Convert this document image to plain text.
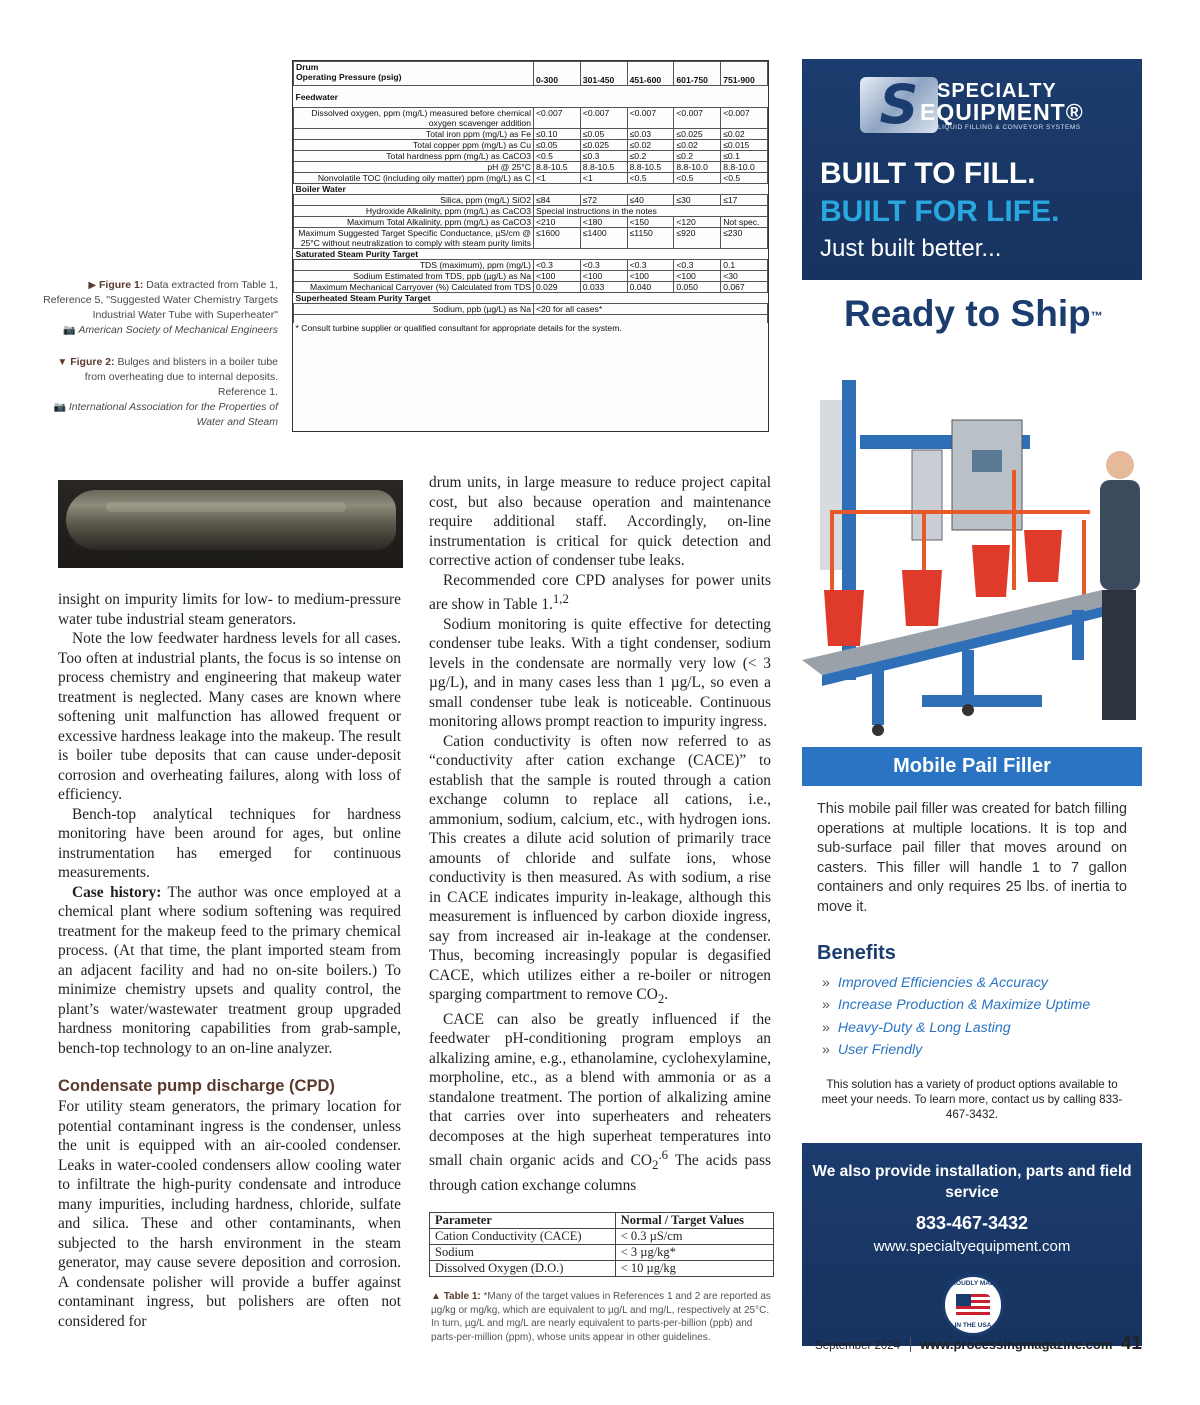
▶ Figure 1: Data extracted from Table 1, Reference 5, "Suggested Water Chemistry Targets Industrial Water Tube with Superheater"
📷 American Society of Mechanical Engineers
▼ Figure 2: Bulges and blisters in a boiler tube from overheating due to internal deposits. Reference 1.
📷 International Association for the Properties of Water and Steam
Drum
Operating Pressure (psig)	0-300	301-450	451-600	601-750	751-900
Feedwater					
Dissolved oxygen, ppm (mg/L) measured before chemical oxygen scavenger addition	<0.007	<0.007	<0.007	<0.007	<0.007
Total iron ppm (mg/L) as Fe	≤0.10	≤0.05	≤0.03	≤0.025	≤0.02
Total copper ppm (mg/L) as Cu	≤0.05	≤0.025	≤0.02	≤0.02	≤0.015
Total hardness ppm (mg/L) as CaCO3	<0.5	≤0.3	≤0.2	≤0.2	≤0.1
pH @ 25°C	8.8-10.5	8.8-10.5	8.8-10.5	8.8-10.0	8.8-10.0
Nonvolatile TOC (including oily matter) ppm (mg/L) as C	<1	<1	<0.5	<0.5	<0.5
Boiler Water					
Silica, ppm (mg/L) SiO2	≤84	≤72	≤40	≤30	≤17
Hydroxide Alkalinity, ppm (mg/L) as CaCO3	Special instructions in the notes				
Maximum Total Alkalinity, ppm (mg/L) as CaCO3	<210	<180	<150	<120	Not spec.
Maximum Suggested Target Specific Conductance, µS/cm @ 25°C without neutralization to comply with steam purity limits	≤1600	≤1400	≤1150	≤920	≤230
Saturated Steam Purity Target					
TDS (maximum), ppm (mg/L)	<0.3	<0.3	<0.3	<0.3	0.1
Sodium Estimated from TDS, ppb (µg/L) as Na	<100	<100	<100	<100	<30
Maximum Mechanical Carryover (%) Calculated from TDS	0.029	0.033	0.040	0.050	0.067
Superheated Steam Purity Target					
Sodium, ppb (µg/L) as Na	<20 for all cases*				

* Consult turbine supplier or qualified consultant for appropriate details for the system.					

insight on impurity limits for low- to medium-pressure water tube industrial steam generators.

Note the low feedwater hardness levels for all cases. Too often at industrial plants, the focus is so intense on process chemistry and engineering that makeup water treatment is neglected. Many cases are known where softening unit malfunction has allowed frequent or excessive hardness leakage into the makeup. The result is boiler tube deposits that can cause under-deposit corrosion and overheating failures, along with loss of efficiency.

Bench-top analytical techniques for hardness monitoring have been around for ages, but online instrumentation has emerged for continuous measurements.

Case history: The author was once employed at a chemical plant where sodium softening was required treatment for the makeup feed to the primary chemical process. (At that time, the plant imported steam from an adjacent facility and had no on-site boilers.) To minimize chemistry upsets and quality control, the plant’s water/wastewater treatment group upgraded hardness monitoring capabilities from grab-sample, bench-top technology to an on-line analyzer.

Condensate pump discharge (CPD)

For utility steam generators, the primary location for potential contaminant ingress is the condenser, unless the unit is equipped with an air-cooled condenser. Leaks in water-cooled condensers allow cooling water to infiltrate the high-purity condensate and introduce many impurities, including hardness, chloride, sulfate and silica. These and other contaminants, when subjected to the harsh environment in the steam generator, may cause severe deposition and corrosion. A condensate polisher will provide a buffer against contaminant ingress, but polishers are often not considered for

drum units, in large measure to reduce project capital cost, but also because operation and maintenance require additional staff. Accordingly, on-line instrumentation is critical for quick detection and corrective action of condenser tube leaks.

Recommended core CPD analyses for power units are show in Table 1.$^{1,2}$

Sodium monitoring is quite effective for detecting condenser tube leaks. With a tight condenser, sodium levels in the condensate are normally very low (< 3 µg/L), and in many cases less than 1 µg/L, so even a small condenser tube leak is noticeable. Continuous monitoring allows prompt reaction to impurity ingress.

Cation conductivity is often now referred to as “conductivity after cation exchange (CACE)” to establish that the sample is routed through a cation exchange column to replace all cations, i.e., ammonium, sodium, calcium, etc., with hydrogen ions. This creates a dilute acid solution of primarily trace amounts of chloride and sulfate ions, whose conductivity is then measured. As with sodium, a rise in CACE indicates impurity in-leakage, although this measurement is influenced by carbon dioxide ingress, say from increased air in-leakage at the condenser. Thus, becoming increasingly popular is degasified CACE, which utilizes either a re-boiler or nitrogen sparging compartment to remove $CO_2$.

CACE can also be greatly influenced if the feedwater pH-conditioning program employs an alkalizing amine, e.g., ethanolamine, cyclohexylamine, morpholine, etc., as a blend with ammonia or as a standalone treatment. The portion of alkalizing amine that carries over into superheaters and reheaters decomposes at the high superheat temperatures into small chain organic acids and $CO_2^{.6}$ The acids pass through cation exchange columns

Parameter	Normal / Target Values
Cation Conductivity (CACE)	< 0.3 µS/cm
Sodium	< 3 µg/kg*
Dissolved Oxygen (D.O.)	< 10 µg/kg
▲ Table 1: *Many of the target values in References 1 and 2 are reported as µg/kg or mg/kg, which are equivalent to µg/L and mg/L, respectively at 25°C. In turn, µg/L and mg/L are nearly equivalent to parts-per-billion (ppb) and parts-per-million (ppm), whose units appear in other guidelines.
S SPECIALTY
EQUIPMENT®
LIQUID FILLING & CONVEYOR SYSTEMS
BUILT TO FILL.
BUILT FOR LIFE.
Just built better...
Ready to Ship™
Mobile Pail Filler
This mobile pail filler was created for batch filling operations at multiple locations. It is top and sub-surface pail filler that moves around on casters. This filler will handle 1 to 7 gallon containers and only requires 25 lbs. of inertia to move it.
Benefits
» Improved Efficiencies & Accuracy
» Increase Production & Maximize Uptime
» Heavy-Duty & Long Lasting
» User Friendly
This solution has a variety of product options available to meet your needs. To learn more, contact us by calling 833-467-3432.
We also provide installation, parts and field service
833-467-3432
www.specialtyequipment.com
PROUDLY MADE
IN THE USA
September 2024 www.processingmagazine.com 41
